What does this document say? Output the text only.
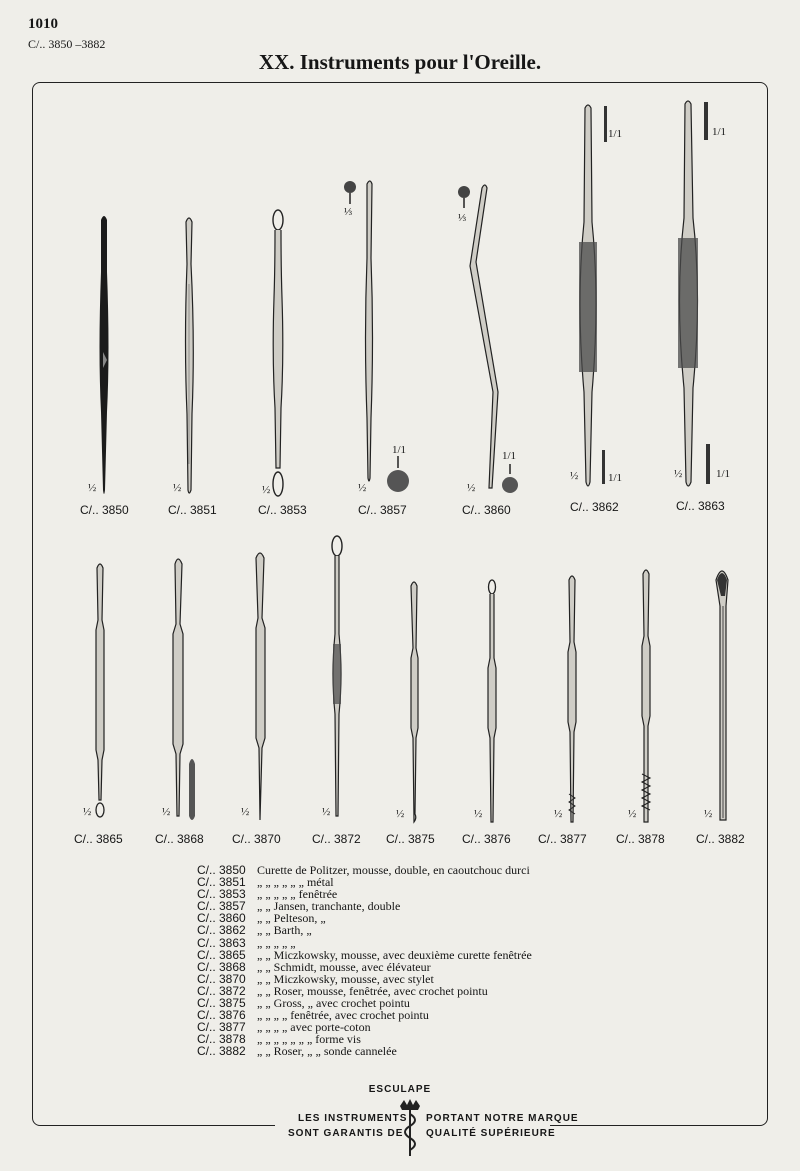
1010
C/.. 3850 –3882
XX. Instruments pour l'Oreille.
½
C/.. 3850
½
C/.. 3851
½
C/.. 3853
⅓
1/1
½
C/.. 3857
⅓
1/1
½
C/.. 3860
1/1
1/1
½
C/.. 3862
1/1
1/1
½
C/.. 3863
½
C/.. 3865
½
C/.. 3868
½
C/.. 3870
½
C/.. 3872
½
C/.. 3875
½
C/.. 3876
½
C/.. 3877
½
C/.. 3878
½
C/.. 3882
C/.. 3850 Curette de Politzer, mousse, double, en caoutchouc durci
C/.. 3851 „ „ „ „ „ „ métal
C/.. 3853 „ „ „ „ „ fenêtrée
C/.. 3857 „ „ Jansen, tranchante, double
C/.. 3860 „ „ Pelteson, „
C/.. 3862 „ „ Barth, „
C/.. 3863 „ „ „ „ „
C/.. 3865 „ „ Miczkowsky, mousse, avec deuxième curette fenêtrée
C/.. 3868 „ „ Schmidt, mousse, avec élévateur
C/.. 3870 „ „ Miczkowsky, mousse, avec stylet
C/.. 3872 „ „ Roser, mousse, fenêtrée, avec crochet pointu
C/.. 3875 „ „ Gross, „ avec crochet pointu
C/.. 3876 „ „ „ „ fenêtrée, avec crochet pointu
C/.. 3877 „ „ „ „ avec porte-coton
C/.. 3878 „ „ „ „ „ „ „ forme vis
C/.. 3882 „ „ Roser, „ „ sonde cannelée
ESCULAPE
LES INSTRUMENTS PORTANT NOTRE MARQUE
SONT GARANTIS DE QUALITÉ SUPÉRIEURE
